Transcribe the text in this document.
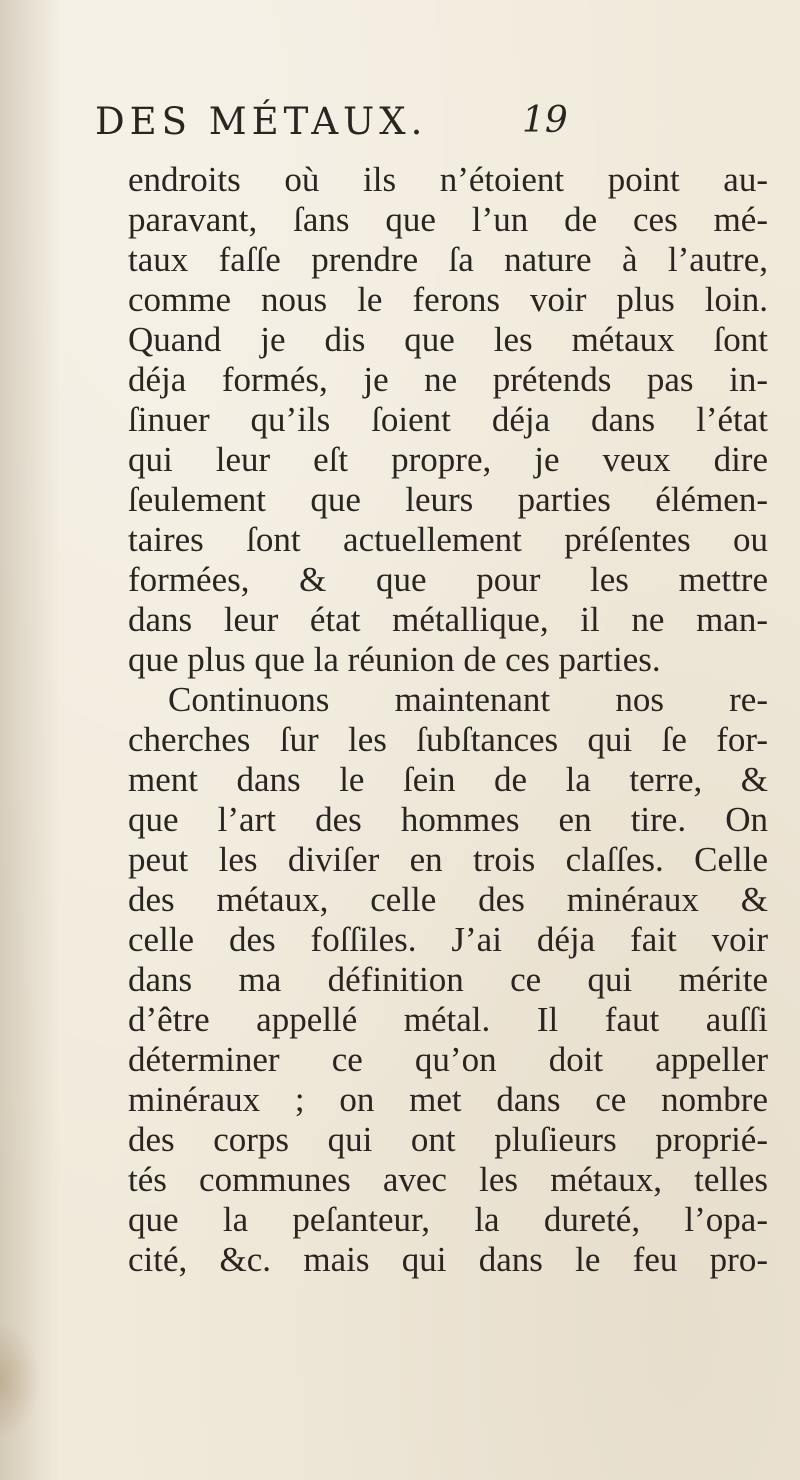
DES MÉTAUX.	19
endroits où ils n’étoient point au-
paravant, ſans que l’un de ces mé-
taux faſſe prendre ſa nature à l’autre,
comme nous le ferons voir plus loin.
Quand je dis que les métaux ſont
déja formés, je ne prétends pas in-
ſinuer qu’ils ſoient déja dans l’état
qui leur eſt propre, je veux dire
ſeulement que leurs parties élémen-
taires ſont actuellement préſentes ou
formées, & que pour les mettre
dans leur état métallique, il ne man-
que plus que la réunion de ces parties.
Continuons maintenant nos re-
cherches ſur les ſubſtances qui ſe for-
ment dans le ſein de la terre, &
que l’art des hommes en tire. On
peut les diviſer en trois claſſes. Celle
des métaux, celle des minéraux &
celle des foſſiles. J’ai déja fait voir
dans ma définition ce qui mérite
d’être appellé métal. Il faut auſſi
déterminer ce qu’on doit appeller
minéraux ; on met dans ce nombre
des corps qui ont pluſieurs proprié-
tés communes avec les métaux, telles
que la peſanteur, la dureté, l’opa-
cité, &c. mais qui dans le feu pro-
